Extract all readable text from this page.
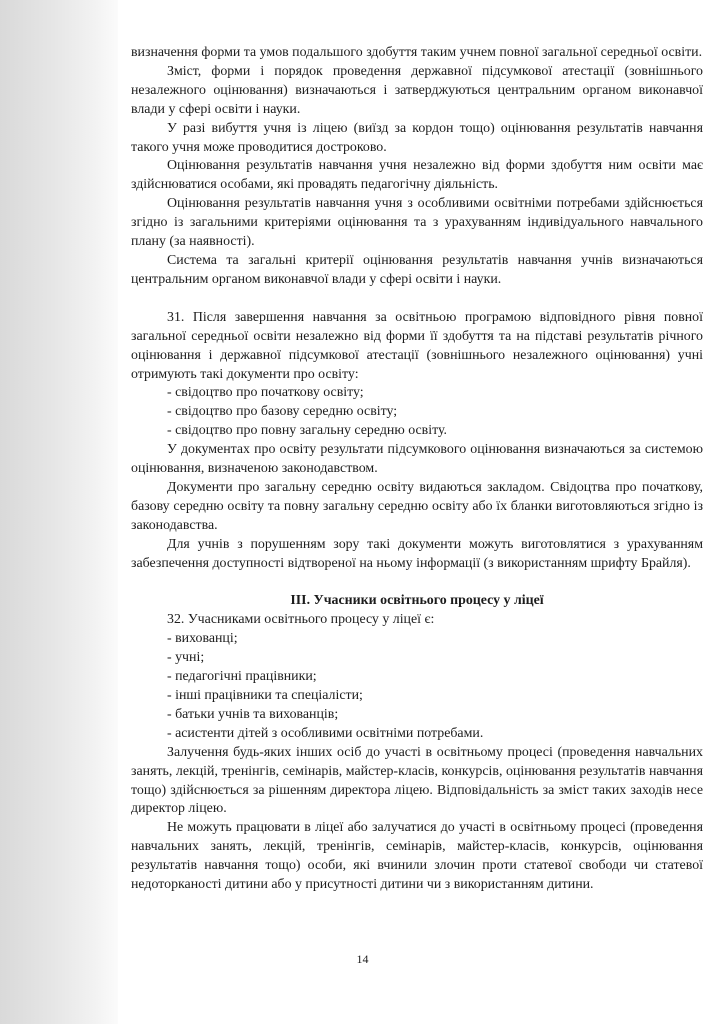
визначення форми та умов подальшого здобуття таким учнем повної загальної середньої освіти.

Зміст, форми і порядок проведення державної підсумкової атестації (зовнішнього незалежного оцінювання) визначаються і затверджуються центральним органом виконавчої влади у сфері освіти і науки.

У разі вибуття учня із ліцею (виїзд за кордон тощо) оцінювання результатів навчання такого учня може проводитися достроково.

Оцінювання результатів навчання учня незалежно від форми здобуття ним освіти має здійснюватися особами, які провадять педагогічну діяльність.

Оцінювання результатів навчання учня з особливими освітніми потребами здійснюється згідно із загальними критеріями оцінювання та з урахуванням індивідуального навчального плану (за наявності).

Система та загальні критерії оцінювання результатів навчання учнів визначаються центральним органом виконавчої влади у сфері освіти і науки.

31. Після завершення навчання за освітньою програмою відповідного рівня повної загальної середньої освіти незалежно від форми її здобуття та на підставі результатів річного оцінювання і державної підсумкової атестації (зовнішнього незалежного оцінювання) учні отримують такі документи про освіту:

- свідоцтво про початкову освіту;
- свідоцтво про базову середню освіту;
- свідоцтво про повну загальну середню освіту.

У документах про освіту результати підсумкового оцінювання визначаються за системою оцінювання, визначеною законодавством.

Документи про загальну середню освіту видаються закладом. Свідоцтва про початкову, базову середню освіту та повну загальну середню освіту або їх бланки виготовляються згідно із законодавства.

Для учнів з порушенням зору такі документи можуть виготовлятися з урахуванням забезпечення доступності відтвореної на ньому інформації (з використанням шрифту Брайля).

III. Учасники освітнього процесу у ліцеї

32. Учасниками освітнього процесу у ліцеї є:

- вихованці;
- учні;
- педагогічні працівники;
- інші працівники та спеціалісти;
- батьки учнів та вихованців;
- асистенти дітей з особливими освітніми потребами.

Залучення будь-яких інших осіб до участі в освітньому процесі (проведення навчальних занять, лекцій, тренінгів, семінарів, майстер-класів, конкурсів, оцінювання результатів навчання тощо) здійснюється за рішенням директора ліцею. Відповідальність за зміст таких заходів несе директор ліцею.

Не можуть працювати в ліцеї або залучатися до участі в освітньому процесі (проведення навчальних занять, лекцій, тренінгів, семінарів, майстер-класів, конкурсів, оцінювання результатів навчання тощо) особи, які вчинили злочин проти статевої свободи чи статевої недоторканості дитини або у присутності дитини чи з використанням дитини.

14
